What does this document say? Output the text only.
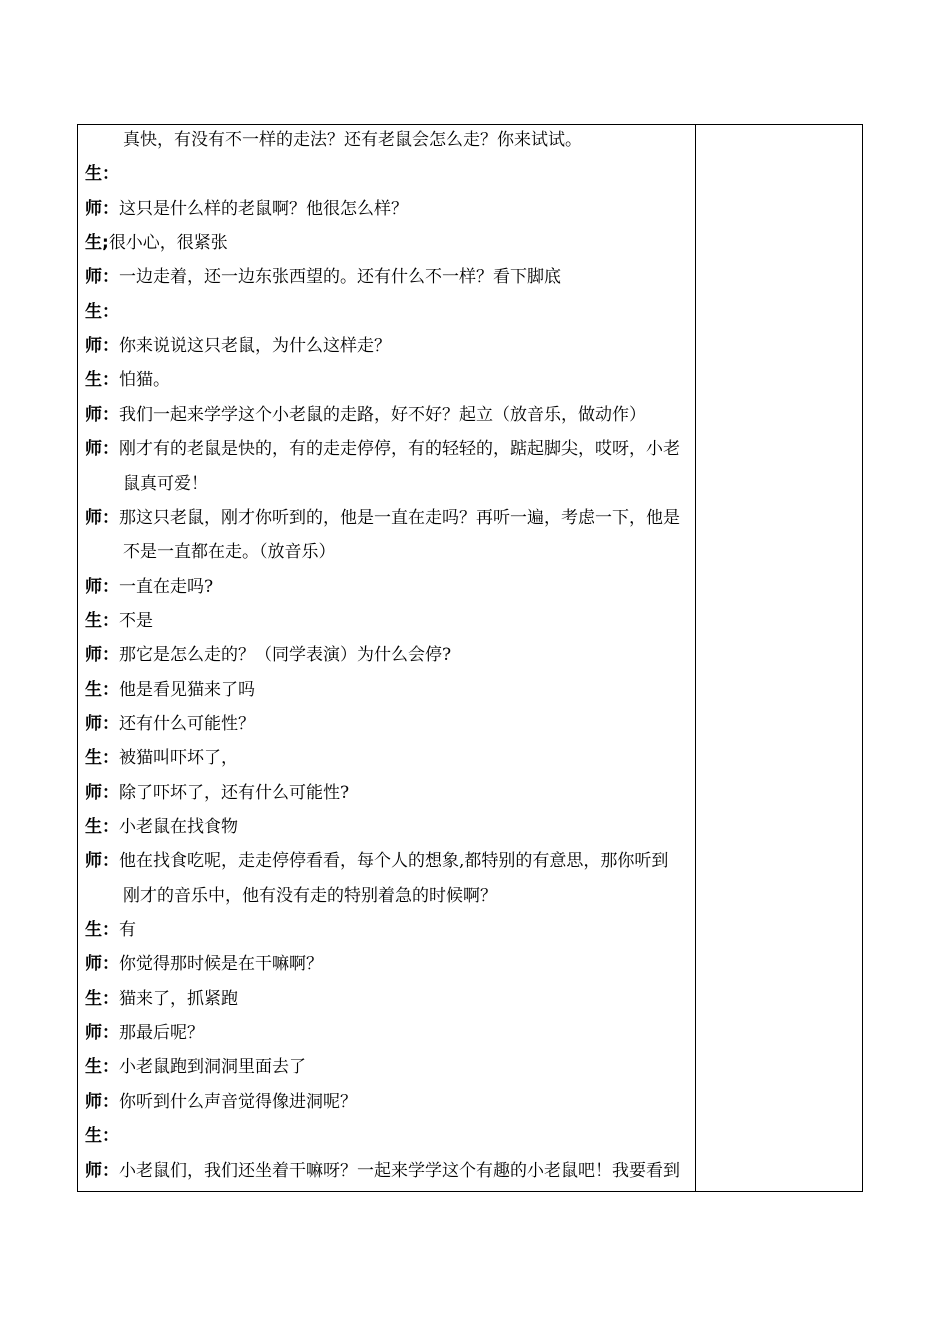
真快，有没有不一样的走法？还有老鼠会怎么走？你来试试。
生：
师：这只是什么样的老鼠啊？他很怎么样？
生;很小心，很紧张
师：一边走着，还一边东张西望的。还有什么不一样？看下脚底
生：
师：你来说说这只老鼠，为什么这样走？
生：怕猫。
师：我们一起来学学这个小老鼠的走路，好不好？起立（放音乐，做动作）
师：刚才有的老鼠是快的，有的走走停停，有的轻轻的，踮起脚尖，哎呀，小老
鼠真可爱！
师：那这只老鼠，刚才你听到的，他是一直在走吗？再听一遍，考虑一下，他是
不是一直都在走。（放音乐）
师：一直在走吗?
生：不是
师：那它是怎么走的？（同学表演）为什么会停?
生：他是看见猫来了吗
师：还有什么可能性？
生：被猫叫吓坏了，
师：除了吓坏了，还有什么可能性?
生：小老鼠在找食物
师：他在找食吃呢，走走停停看看，每个人的想象,都特别的有意思，那你听到
刚才的音乐中，他有没有走的特别着急的时候啊？
生：有
师：你觉得那时候是在干嘛啊？
生：猫来了，抓紧跑
师：那最后呢？
生：小老鼠跑到洞洞里面去了
师：你听到什么声音觉得像进洞呢？
生：
师：小老鼠们，我们还坐着干嘛呀？一起来学学这个有趣的小老鼠吧！我要看到
